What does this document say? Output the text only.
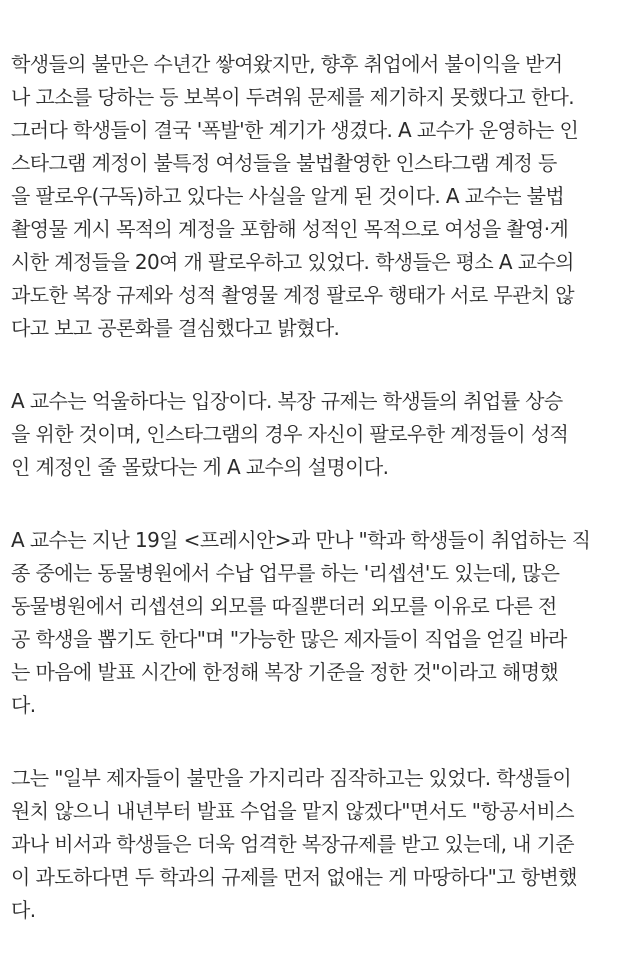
학생들의 불만은 수년간 쌓여왔지만, 향후 취업에서 불이익을 받거
나 고소를 당하는 등 보복이 두려워 문제를 제기하지 못했다고 한다.
그러다 학생들이 결국 '폭발'한 계기가 생겼다. A 교수가 운영하는 인
스타그램 계정이 불특정 여성들을 불법촬영한 인스타그램 계정 등
을 팔로우(구독)하고 있다는 사실을 알게 된 것이다. A 교수는 불법
촬영물 게시 목적의 계정을 포함해 성적인 목적으로 여성을 촬영·게
시한 계정들을 20여 개 팔로우하고 있었다. 학생들은 평소 A 교수의
과도한 복장 규제와 성적 촬영물 계정 팔로우 행태가 서로 무관치 않
다고 보고 공론화를 결심했다고 밝혔다.
A 교수는 억울하다는 입장이다. 복장 규제는 학생들의 취업률 상승
을 위한 것이며, 인스타그램의 경우 자신이 팔로우한 계정들이 성적
인 계정인 줄 몰랐다는 게 A 교수의 설명이다.
A 교수는 지난 19일 <프레시안>과 만나 "학과 학생들이 취업하는 직
종 중에는 동물병원에서 수납 업무를 하는 '리셉션'도 있는데, 많은
동물병원에서 리셉션의 외모를 따질뿐더러 외모를 이유로 다른 전
공 학생을 뽑기도 한다"며 "가능한 많은 제자들이 직업을 얻길 바라
는 마음에 발표 시간에 한정해 복장 기준을 정한 것"이라고 해명했
다.
그는 "일부 제자들이 불만을 가지리라 짐작하고는 있었다. 학생들이
원치 않으니 내년부터 발표 수업을 맡지 않겠다"면서도 "항공서비스
과나 비서과 학생들은 더욱 엄격한 복장규제를 받고 있는데, 내 기준
이 과도하다면 두 학과의 규제를 먼저 없애는 게 마땅하다"고 항변했
다.
